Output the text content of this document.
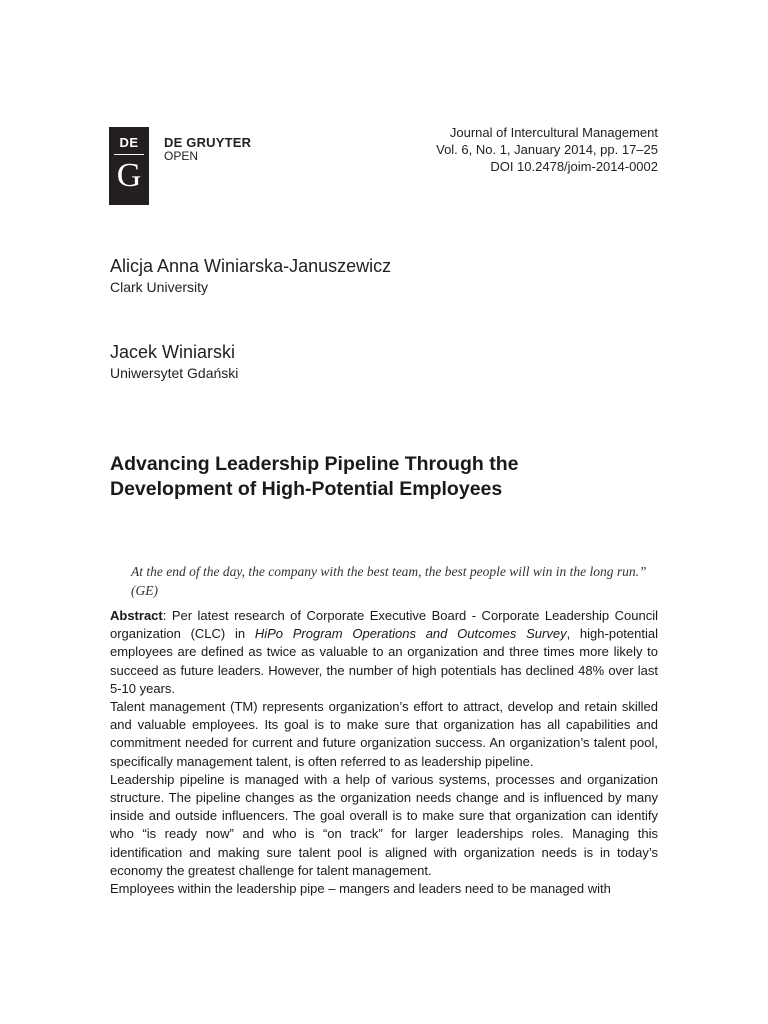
DE
G
DE GRUYTER
OPEN
Journal of Intercultural Management
Vol. 6, No. 1, January 2014, pp. 17–25
DOI 10.2478/joim-2014-0002
Alicja Anna Winiarska-Januszewicz
Clark University
Jacek Winiarski
Uniwersytet Gdański
Advancing Leadership Pipeline Through the
Development of High-Potential Employees

At the end of the day, the company with the best team, the best people will win in the long run.” (GE)

Abstract: Per latest research of Corporate Executive Board - Corporate Leadership Council organization (CLC) in HiPo Program Operations and Outcomes Survey, high-potential employees are defined as twice as valuable to an organization and three times more likely to succeed as future leaders. However, the number of high potentials has declined 48% over last 5-10 years.

Talent management (TM) represents organization’s effort to attract, develop and retain skilled and valuable employees. Its goal is to make sure that organization has all capabilities and commitment needed for current and future organization success. An organization’s talent pool, specifically management talent, is often referred to as leadership pipeline.

Leadership pipeline is managed with a help of various systems, processes and organization structure. The pipeline changes as the organization needs change and is influenced by many inside and outside influencers. The goal overall is to make sure that organization can identify who “is ready now” and who is “on track” for larger leaderships roles. Managing this identification and making sure talent pool is aligned with organization needs is in today’s economy the greatest challenge for talent management.

Employees within the leadership pipe – mangers and leaders need to be managed with
